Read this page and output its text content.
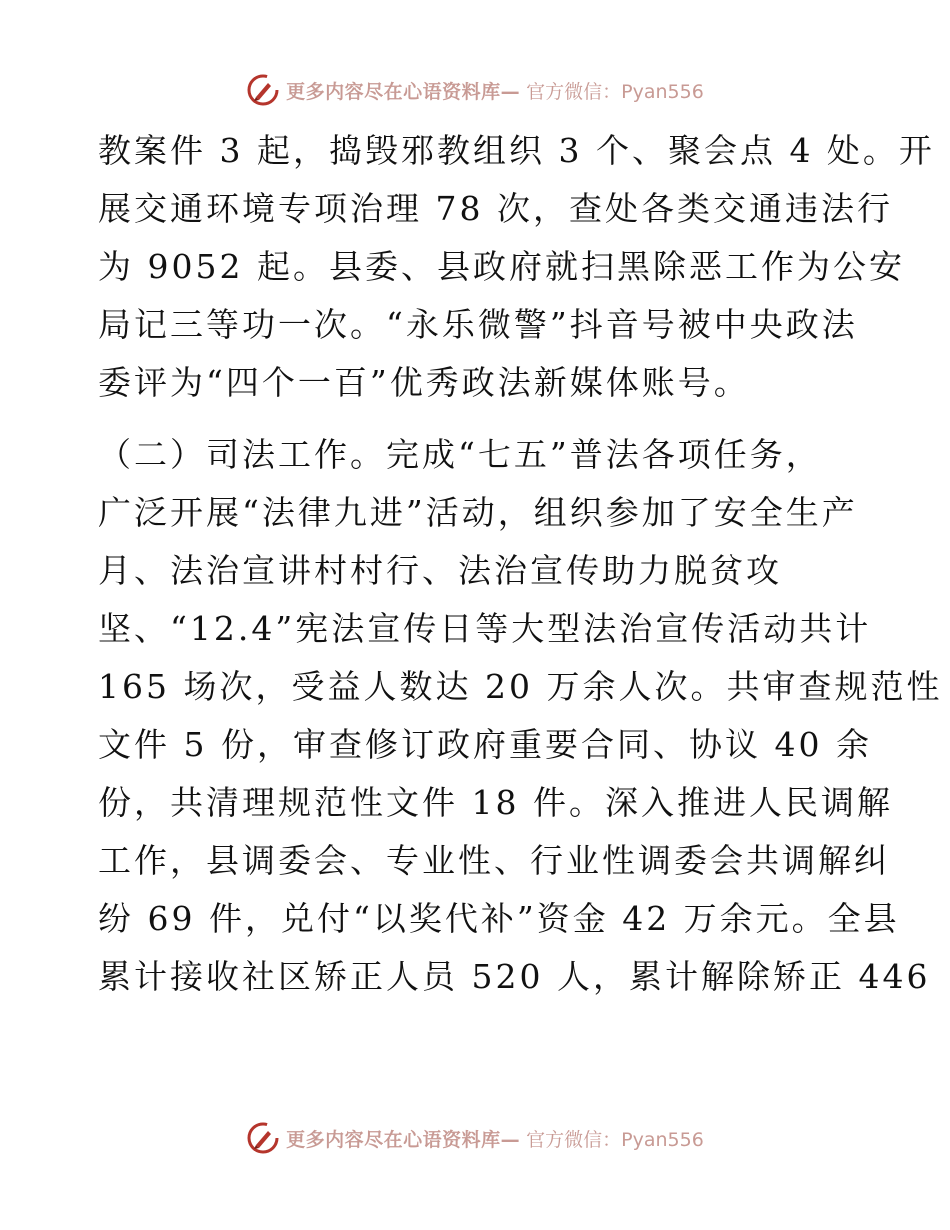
更多内容尽在心语资料库— 官方微信：Pyan556
教案件 3 起，捣毁邪教组织 3 个、聚会点 4 处。开
展交通环境专项治理 78 次，查处各类交通违法行
为 9052 起。县委、县政府就扫黑除恶工作为公安
局记三等功一次。“永乐微警”抖音号被中央政法
委评为“四个一百”优秀政法新媒体账号。
（二）司法工作。完成“七五”普法各项任务，
广泛开展“法律九进”活动，组织参加了安全生产
月、法治宣讲村村行、法治宣传助力脱贫攻
坚、“12.4”宪法宣传日等大型法治宣传活动共计
165 场次，受益人数达 20 万余人次。共审查规范性
文件 5 份，审查修订政府重要合同、协议 40 余
份，共清理规范性文件 18 件。深入推进人民调解
工作，县调委会、专业性、行业性调委会共调解纠
纷 69 件，兑付“以奖代补”资金 42 万余元。全县
累计接收社区矫正人员 520 人，累计解除矫正 446
更多内容尽在心语资料库— 官方微信：Pyan556
